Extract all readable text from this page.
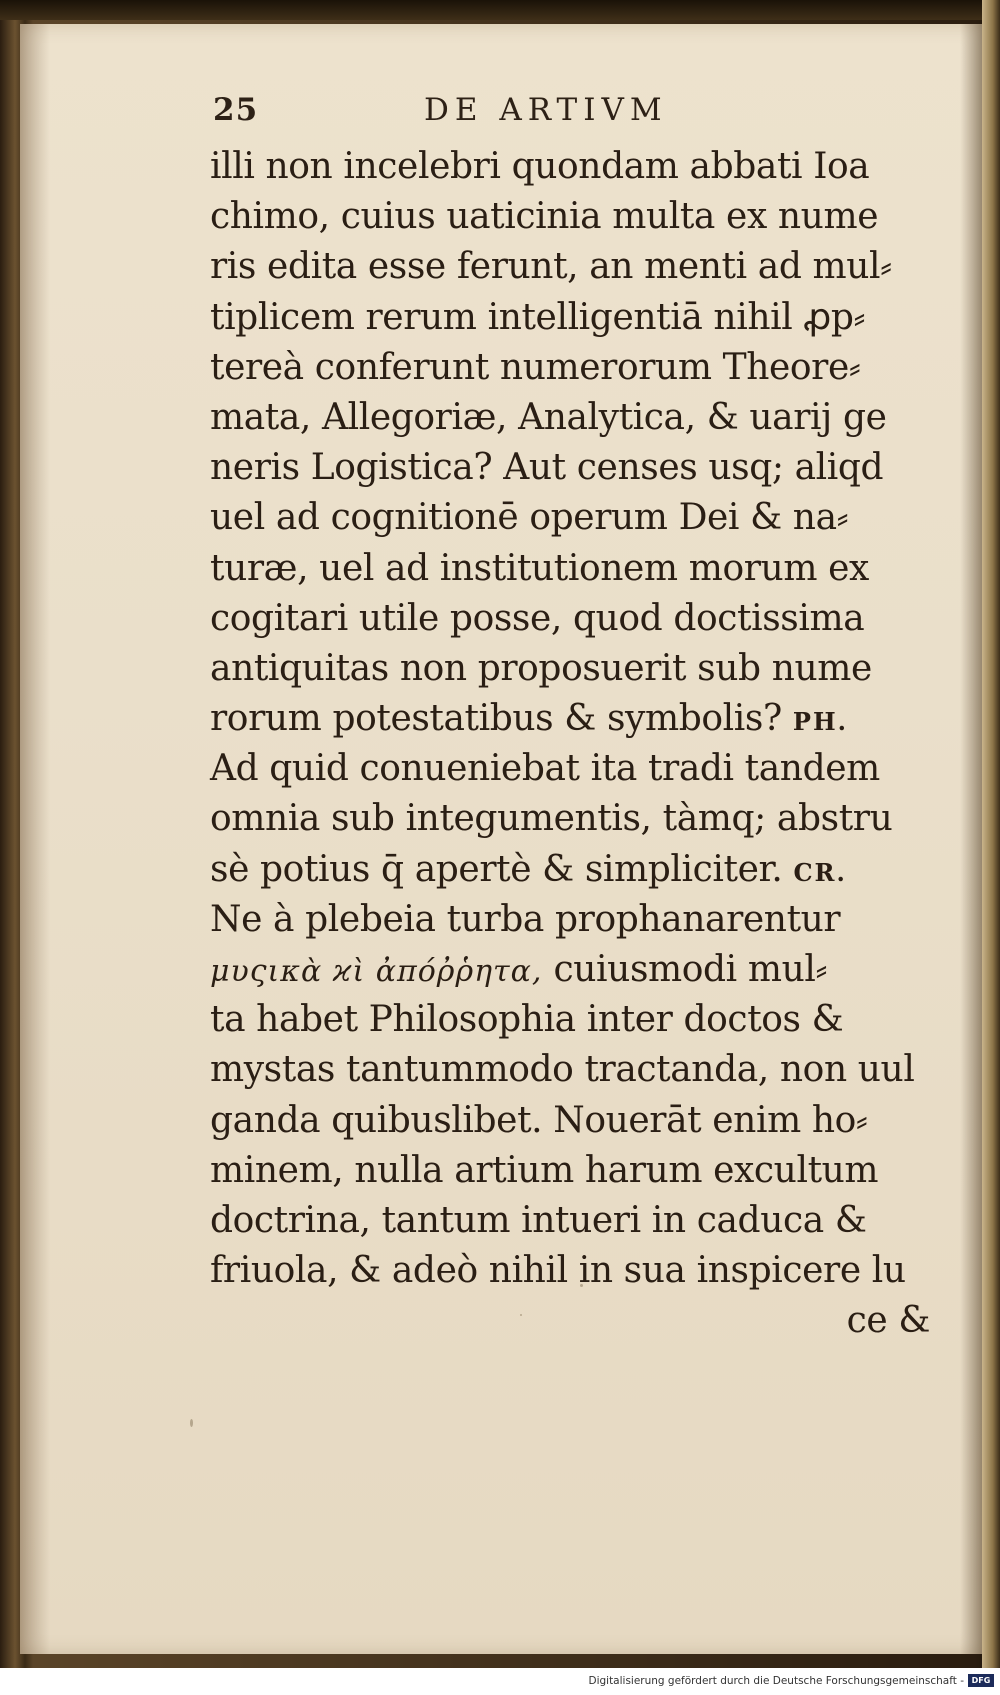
25	DE ARTIVM
illi non incelebri quondam abbati Ioa
chimo, cuius uaticinia multa ex nume
ris edita esse ferunt, an menti ad mul⸗
tiplicem rerum intelligentiā nihil ꝓp⸗
tereà conferunt numerorum Theore⸗
mata, Allegoriæ, Analytica, & uarij ge
neris Logistica? Aut censes usq; aliqd
uel ad cognitionē operum Dei & na⸗
turæ, uel ad institutionem morum ex
cogitari utile posse, quod doctissima
antiquitas non proposuerit sub nume
rorum potestatibus & symbolis? PH.
Ad quid conueniebat ita tradi tandem
omnia sub integumentis, tàmq; abstru
sè potius q̄ apertè & simpliciter. CR.
Ne à plebeia turba prophanarentur
μυςικὰ ϰὶ ἀπόῤῥητα, cuiusmodi mul⸗
ta habet Philosophia inter doctos &
mystas tantummodo tractanda, non uul
ganda quibuslibet. Nouerāt enim ho⸗
minem, nulla artium harum excultum
doctrina, tantum intueri in caduca &
friuola, & adeò nihil in sua inspicere lu
ce &
Digitalisierung gefördert durch die Deutsche Forschungsgemeinschaft - DFG
